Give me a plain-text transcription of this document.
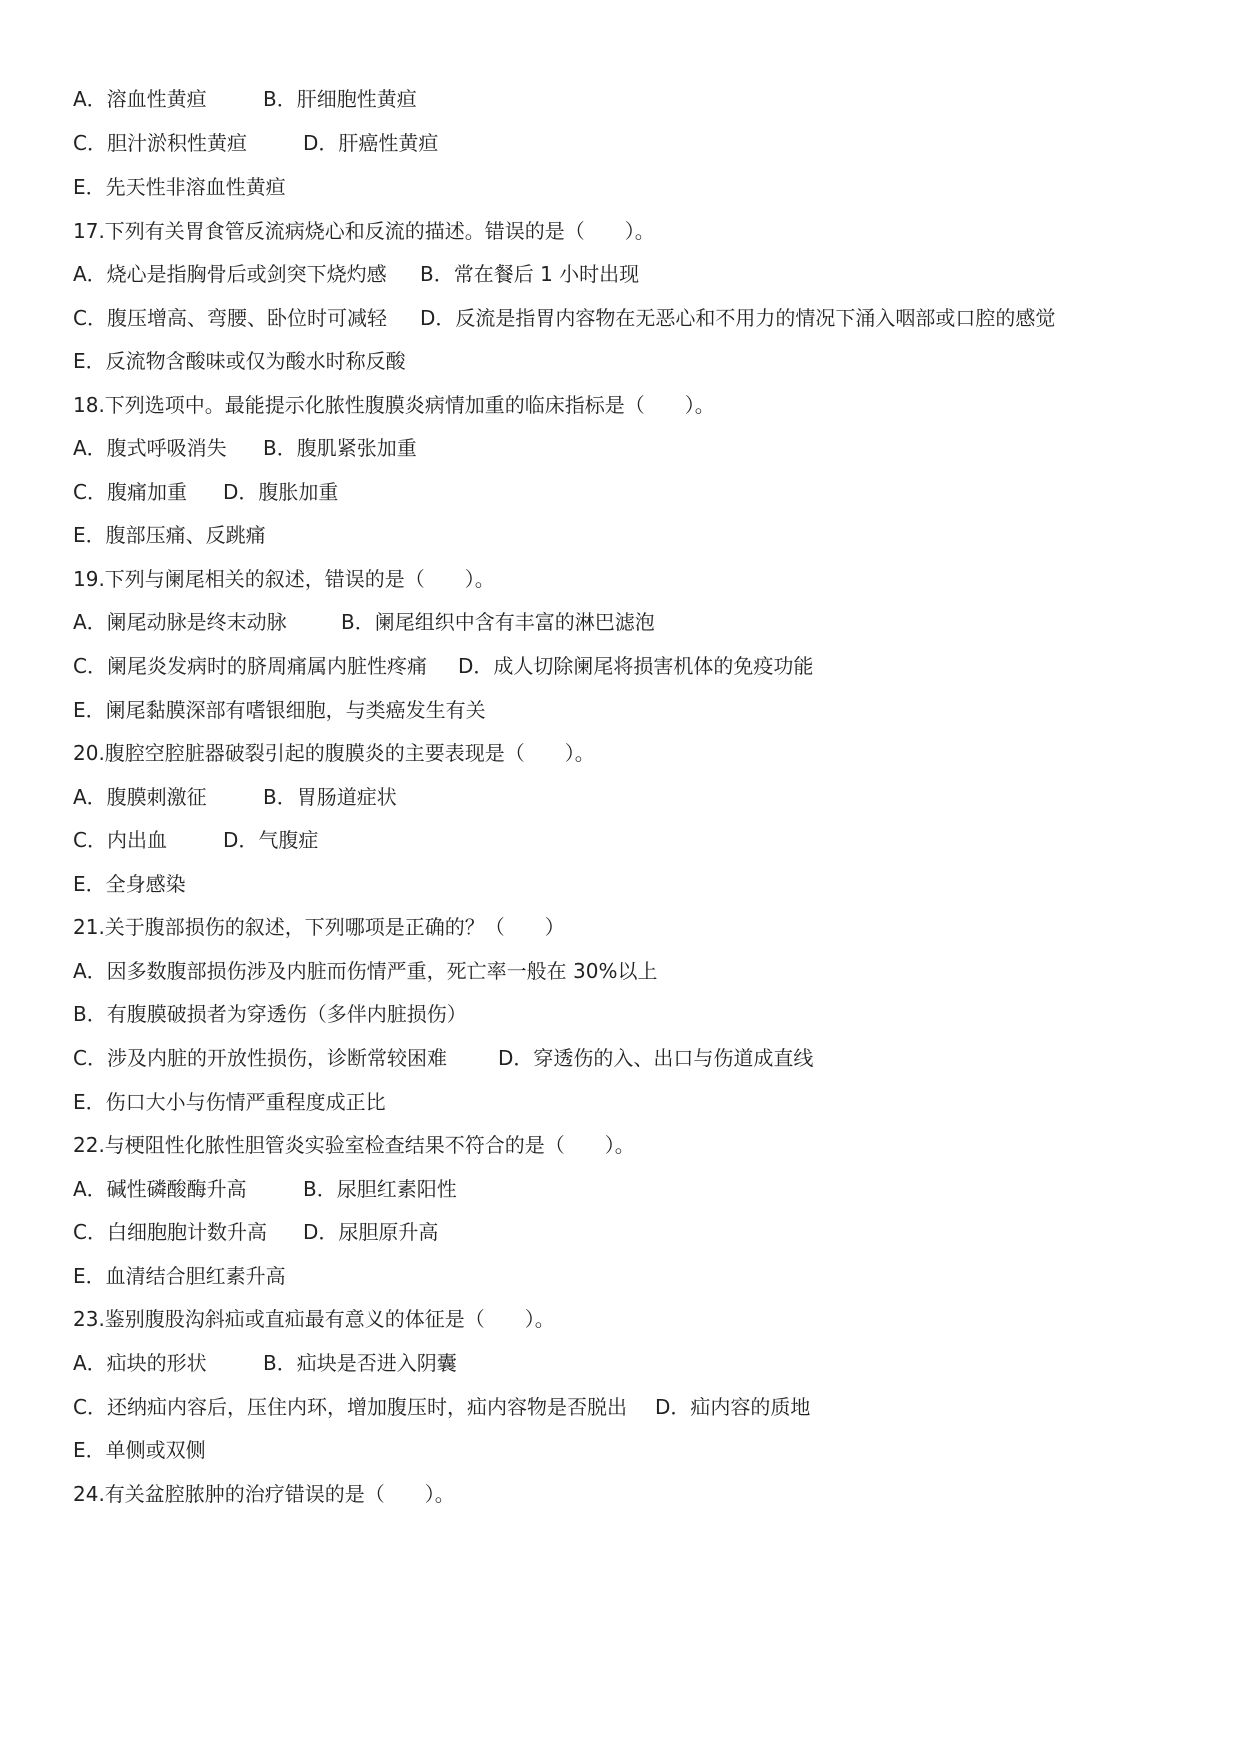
A．溶血性黄疸	B．肝细胞性黄疸
C．胆汁淤积性黄疸	D．肝癌性黄疸
E．先天性非溶血性黄疸
17.下列有关胃食管反流病烧心和反流的描述。错误的是（　　）。
A．烧心是指胸骨后或剑突下烧灼感 B．常在餐后 1 小时出现
C．腹压增高、弯腰、卧位时可减轻 D．反流是指胃内容物在无恶心和不用力的情况下涌入咽部或口腔的感觉
E．反流物含酸味或仅为酸水时称反酸
18.下列选项中。最能提示化脓性腹膜炎病情加重的临床指标是（　　）。
A．腹式呼吸消失 B．腹肌紧张加重
C．腹痛加重 D．腹胀加重
E．腹部压痛、反跳痛
19.下列与阑尾相关的叙述，错误的是（　　）。
A．阑尾动脉是终末动脉	B．阑尾组织中含有丰富的淋巴滤泡
C．阑尾炎发病时的脐周痛属内脏性疼痛 D．成人切除阑尾将损害机体的免疫功能
E．阑尾黏膜深部有嗜银细胞，与类癌发生有关
20.腹腔空腔脏器破裂引起的腹膜炎的主要表现是（　　）。
A．腹膜刺激征	B．胃肠道症状
C．内出血	D．气腹症
E．全身感染
21.关于腹部损伤的叙述，下列哪项是正确的？（　　）
A．因多数腹部损伤涉及内脏而伤情严重，死亡率一般在 30%以上
B．有腹膜破损者为穿透伤（多伴内脏损伤）
C．涉及内脏的开放性损伤，诊断常较困难	D．穿透伤的入、出口与伤道成直线
E．伤口大小与伤情严重程度成正比
22.与梗阻性化脓性胆管炎实验室检查结果不符合的是（　　）。
A．碱性磷酸酶升高	B．尿胆红素阳性
C．白细胞胞计数升高 D．尿胆原升高
E．血清结合胆红素升高
23.鉴别腹股沟斜疝或直疝最有意义的体征是（　　）。
A．疝块的形状	B．疝块是否进入阴囊
C．还纳疝内容后，压住内环，增加腹压时，疝内容物是否脱出 D．疝内容的质地
E．单侧或双侧
24.有关盆腔脓肿的治疗错误的是（　　）。
